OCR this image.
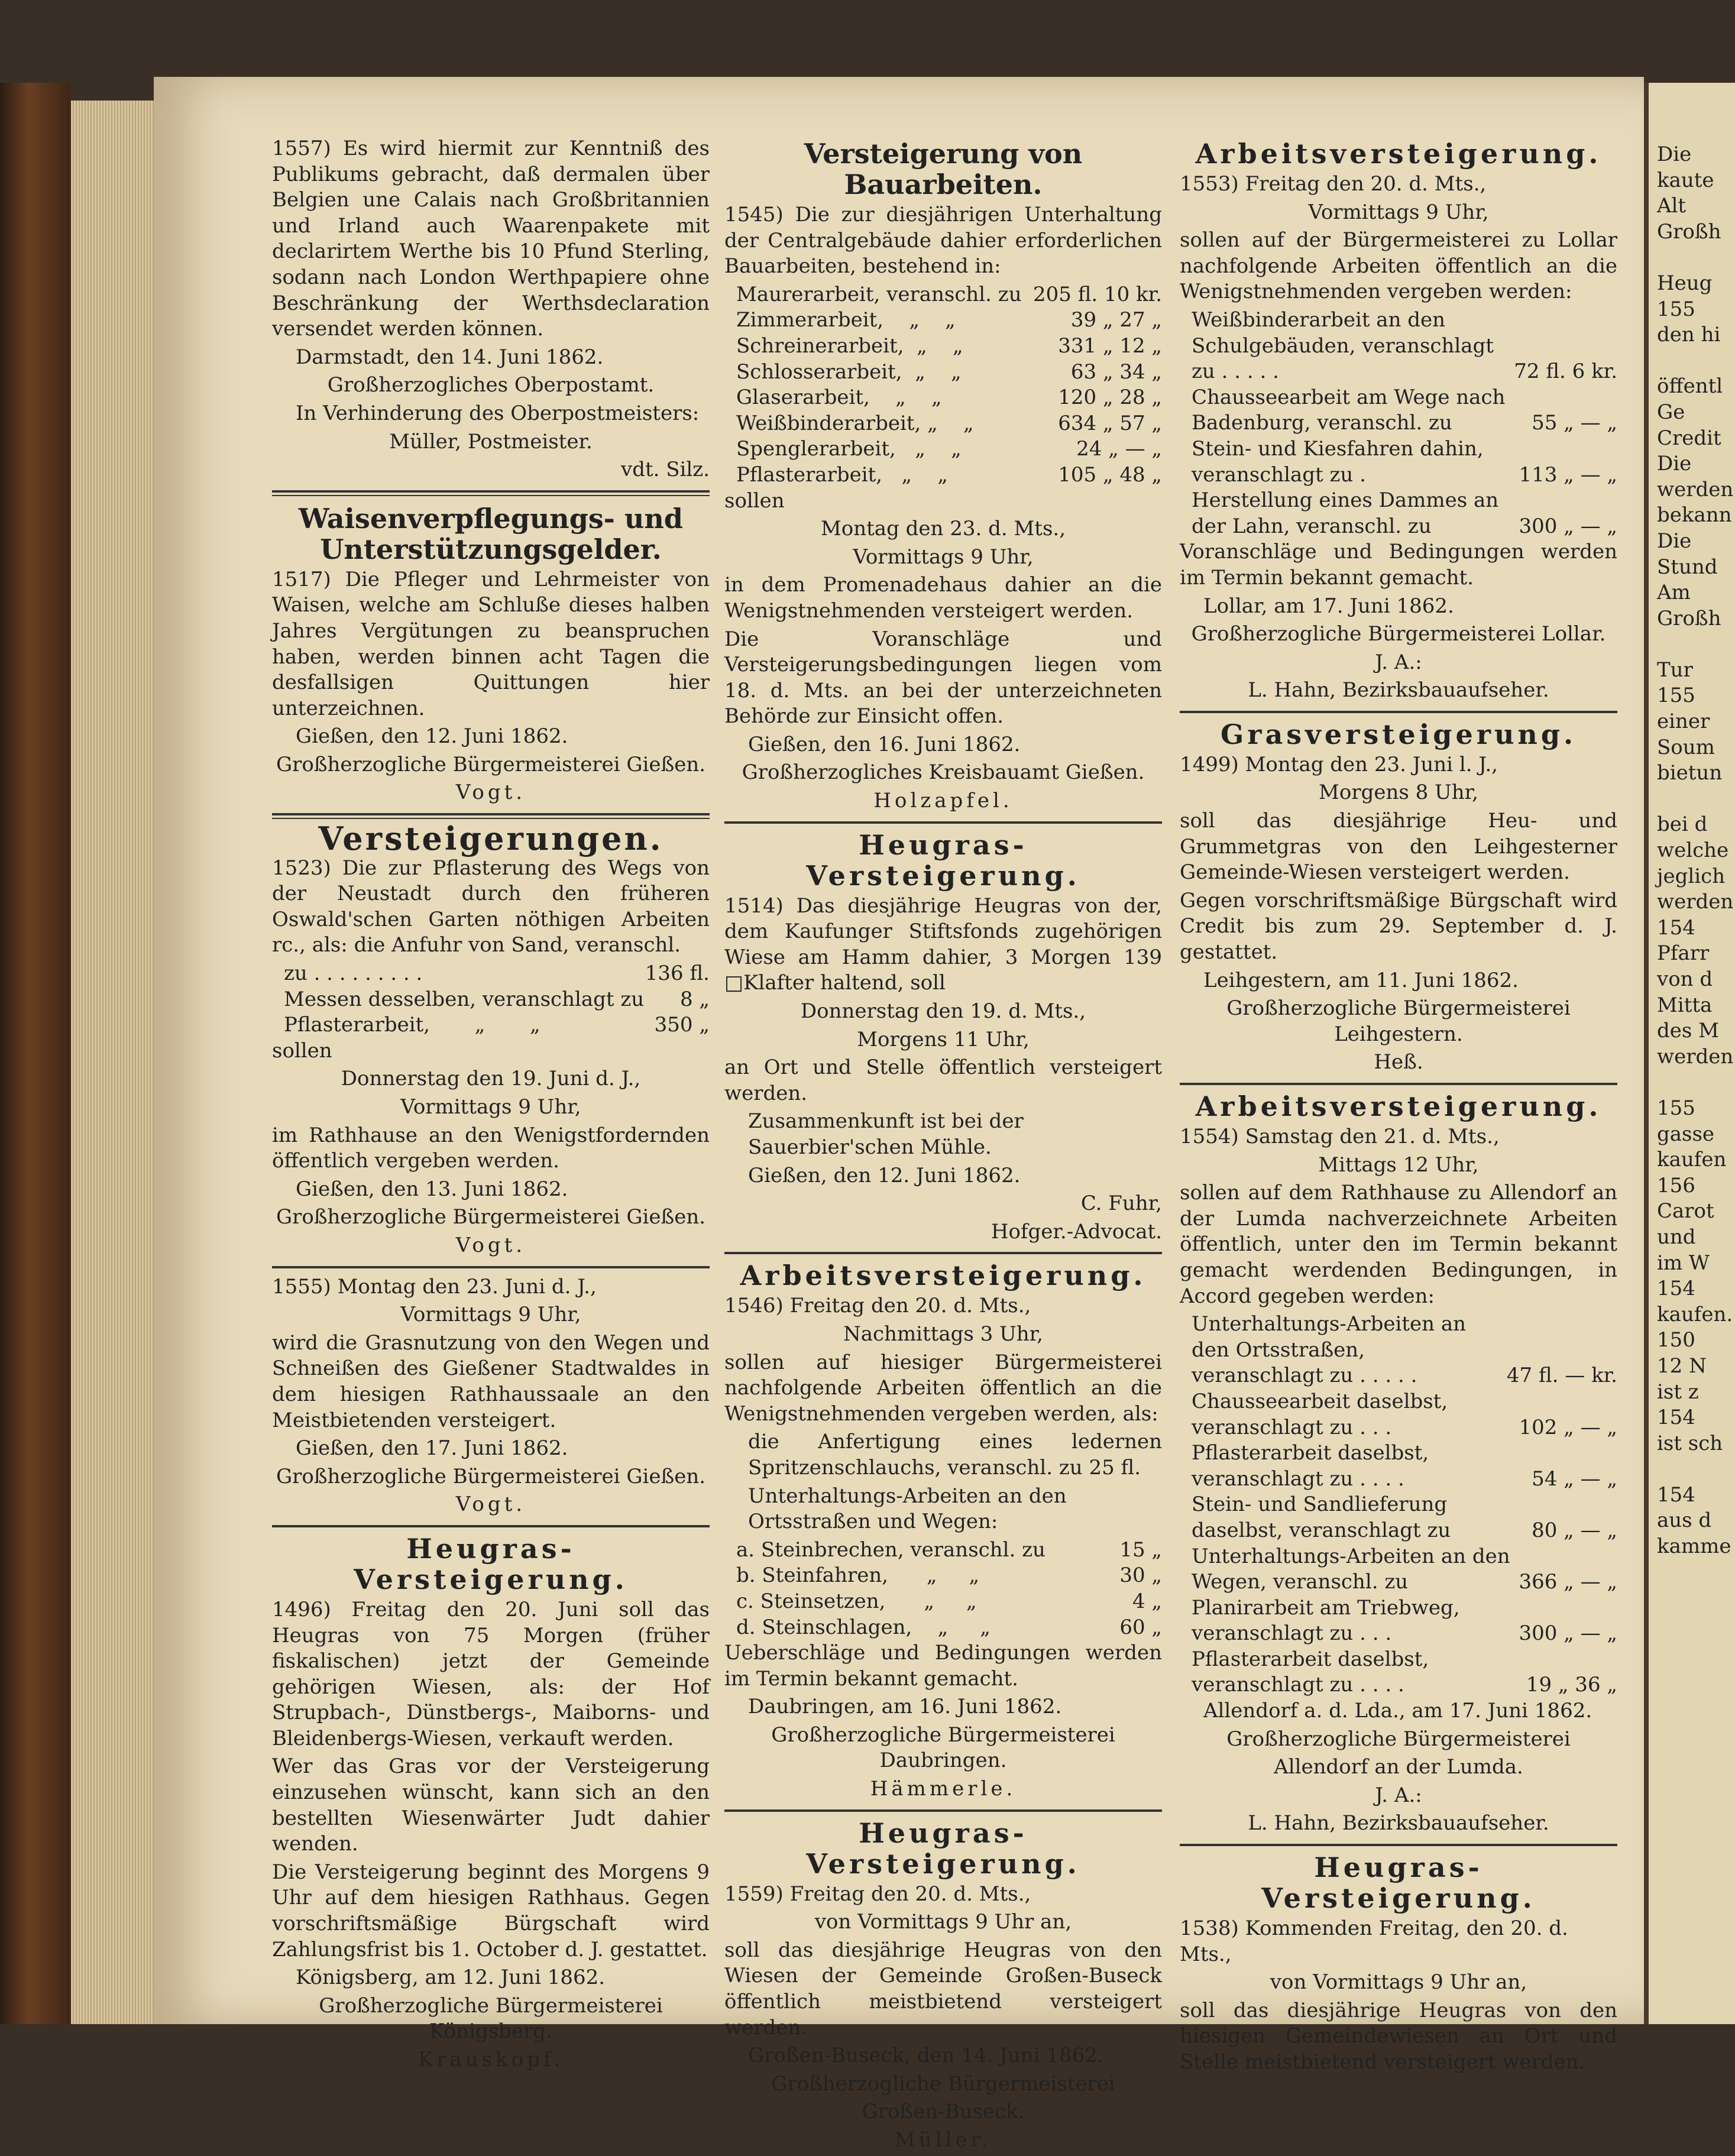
1557) Es wird hiermit zur Kenntniß des Publikums gebracht, daß dermalen über Belgien une Calais nach Großbritannien und Irland auch Waarenpakete mit declarirtem Werthe bis 10 Pfund Sterling, sodann nach London Werthpapiere ohne Beschränkung der Werthsdeclaration versendet werden können.
Darmstadt, den 14. Juni 1862.
Großherzogliches Oberpostamt.
In Verhinderung des Oberpostmeisters:
Müller, Postmeister.
vdt. Silz.
Waisenverpflegungs- und Unterstützungsgelder.
1517) Die Pfleger und Lehrmeister von Waisen, welche am Schluße dieses halben Jahres Vergütungen zu beanspruchen haben, werden binnen acht Tagen die desfallsigen Quittungen hier unterzeichnen.
Gießen, den 12. Juni 1862.
Großherzogliche Bürgermeisterei Gießen.
Vogt.
Versteigerungen.
1523) Die zur Pflasterung des Wegs von der Neustadt durch den früheren Oswald'schen Garten nöthigen Arbeiten rc., als: die Anfuhr von Sand, veranschl.
zu . . . . . . . . .	136 fl.
Messen desselben, veranschlagt zu 8 „
Pflasterarbeit,       „       „	350 „
sollen
Donnerstag den 19. Juni d. J.,
Vormittags 9 Uhr,
im Rathhause an den Wenigstfordernden öffentlich vergeben werden.
Gießen, den 13. Juni 1862.
Großherzogliche Bürgermeisterei Gießen.
Vogt.
1555) Montag den 23. Juni d. J.,
Vormittags 9 Uhr,
wird die Grasnutzung von den Wegen und Schneißen des Gießener Stadtwaldes in dem hiesigen Rathhaussaale an den Meistbietenden versteigert.
Gießen, den 17. Juni 1862.
Großherzogliche Bürgermeisterei Gießen.
Vogt.
Heugras-Versteigerung.
1496) Freitag den 20. Juni soll das Heugras von 75 Morgen (früher fiskalischen) jetzt der Gemeinde gehörigen Wiesen, als: der Hof Strupbach-, Dünstbergs-, Maiborns- und Bleidenbergs-Wiesen, verkauft werden.
Wer das Gras vor der Versteigerung einzusehen wünscht, kann sich an den bestellten Wiesenwärter Judt dahier wenden.
Die Versteigerung beginnt des Morgens 9 Uhr auf dem hiesigen Rathhaus. Gegen vorschriftsmäßige Bürgschaft wird Zahlungsfrist bis 1. October d. J. gestattet.
Königsberg, am 12. Juni 1862.
Großherzogliche Bürgermeisterei Königsberg.
Krauskopf.
Versteigerung von Bauarbeiten.
1545) Die zur diesjährigen Unterhaltung der Centralgebäude dahier erforderlichen Bauarbeiten, bestehend in:
Maurerarbeit, veranschl. zu 205 fl. 10 kr.
Zimmerarbeit,    „    „	39 „ 27 „
Schreinerarbeit,  „    „	331 „ 12 „
Schlosserarbeit,  „    „	63 „ 34 „
Glaserarbeit,    „    „	120 „ 28 „
Weißbinderarbeit, „    „	634 „ 57 „
Spenglerarbeit,   „    „	24 „ — „
Pflasterarbeit,   „    „	105 „ 48 „
sollen
Montag den 23. d. Mts.,
Vormittags 9 Uhr,
in dem Promenadehaus dahier an die Wenigstnehmenden versteigert werden.
Die Voranschläge und Versteigerungsbedingungen liegen vom 18. d. Mts. an bei der unterzeichneten Behörde zur Einsicht offen.
Gießen, den 16. Juni 1862.
Großherzogliches Kreisbauamt Gießen.
Holzapfel.
Heugras-Versteigerung.
1514) Das diesjährige Heugras von der, dem Kaufunger Stiftsfonds zugehörigen Wiese am Hamm dahier, 3 Morgen 139 □Klafter haltend, soll
Donnerstag den 19. d. Mts.,
Morgens 11 Uhr,
an Ort und Stelle öffentlich versteigert werden.
Zusammenkunft ist bei der Sauerbier'schen Mühle.
Gießen, den 12. Juni 1862.
C. Fuhr,
Hofger.-Advocat.
Arbeitsversteigerung.
1546) Freitag den 20. d. Mts.,
Nachmittags 3 Uhr,
sollen auf hiesiger Bürgermeisterei nachfolgende Arbeiten öffentlich an die Wenigstnehmenden vergeben werden, als:
die Anfertigung eines ledernen Spritzenschlauchs, veranschl. zu 25 fl.
Unterhaltungs-Arbeiten an den Ortsstraßen und Wegen:
a. Steinbrechen, veranschl. zu	15 „
b. Steinfahren,      „     „	30 „
c. Steinsetzen,      „     „	4 „
d. Steinschlagen,    „     „	60 „
Ueberschläge und Bedingungen werden im Termin bekannt gemacht.
Daubringen, am 16. Juni 1862.
Großherzogliche Bürgermeisterei Daubringen.
Hämmerle.
Heugras-Versteigerung.
1559) Freitag den 20. d. Mts.,
von Vormittags 9 Uhr an,
soll das diesjährige Heugras von den Wiesen der Gemeinde Großen-Buseck öffentlich meistbietend versteigert werden.
Großen-Buseck, den 14. Juni 1862.
Großherzogliche Bürgermeisterei
Großen-Buseck.
Müller.
Arbeitsversteigerung.
1553) Freitag den 20. d. Mts.,
Vormittags 9 Uhr,
sollen auf der Bürgermeisterei zu Lollar nachfolgende Arbeiten öffentlich an die Wenigstnehmenden vergeben werden:
Weißbinderarbeit an den Schulgebäuden, veranschlagt zu . . . . .	72 fl. 6 kr.
Chausseearbeit am Wege nach Badenburg, veranschl. zu	55 „ — „
Stein- und Kiesfahren dahin, veranschlagt zu .	113 „ — „
Herstellung eines Dammes an der Lahn, veranschl. zu	300 „ — „
Voranschläge und Bedingungen werden im Termin bekannt gemacht.
Lollar, am 17. Juni 1862.
Großherzogliche Bürgermeisterei Lollar.
J. A.:
L. Hahn, Bezirksbauaufseher.
Grasversteigerung.
1499) Montag den 23. Juni l. J.,
Morgens 8 Uhr,
soll das diesjährige Heu- und Grummetgras von den Leihgesterner Gemeinde-Wiesen versteigert werden.
Gegen vorschriftsmäßige Bürgschaft wird Credit bis zum 29. September d. J. gestattet.
Leihgestern, am 11. Juni 1862.
Großherzogliche Bürgermeisterei Leihgestern.
Heß.
Arbeitsversteigerung.
1554) Samstag den 21. d. Mts.,
Mittags 12 Uhr,
sollen auf dem Rathhause zu Allendorf an der Lumda nachverzeichnete Arbeiten öffentlich, unter den im Termin bekannt gemacht werdenden Bedingungen, in Accord gegeben werden:
Unterhaltungs-Arbeiten an den Ortsstraßen, veranschlagt zu . . . . .	47 fl. — kr.
Chausseearbeit daselbst, veranschlagt zu . . .	102 „ — „
Pflasterarbeit daselbst, veranschlagt zu . . . .	54 „ — „
Stein- und Sandlieferung daselbst, veranschlagt zu	80 „ — „
Unterhaltungs-Arbeiten an den Wegen, veranschl. zu	366 „ — „
Planirarbeit am Triebweg, veranschlagt zu . . .	300 „ — „
Pflasterarbeit daselbst, veranschlagt zu . . . .	19 „ 36 „
Allendorf a. d. Lda., am 17. Juni 1862.
Großherzogliche Bürgermeisterei
Allendorf an der Lumda.
J. A.:
L. Hahn, Bezirksbauaufseher.
Heugras-Versteigerung.
1538) Kommenden Freitag, den 20. d. Mts.,
von Vormittags 9 Uhr an,
soll das diesjährige Heugras von den hiesigen Gemeindewiesen an Ort und Stelle meistbietend versteigert werden.
Die
kaute
Alt
Großh

Heug
155
den hi

öffentl
Ge
Credit
Die
werden
bekann
Die
Stund
Am
Großh

Tur
155
einer
Soum
bietun

bei d
welche
jeglich
werden
154
Pfarr
von d
Mitta
des M
werden

155
gasse
kaufen
156
Carot
und
im W
154
kaufen.
150
12 N
ist z
154
ist sch

154
aus d
kamme
